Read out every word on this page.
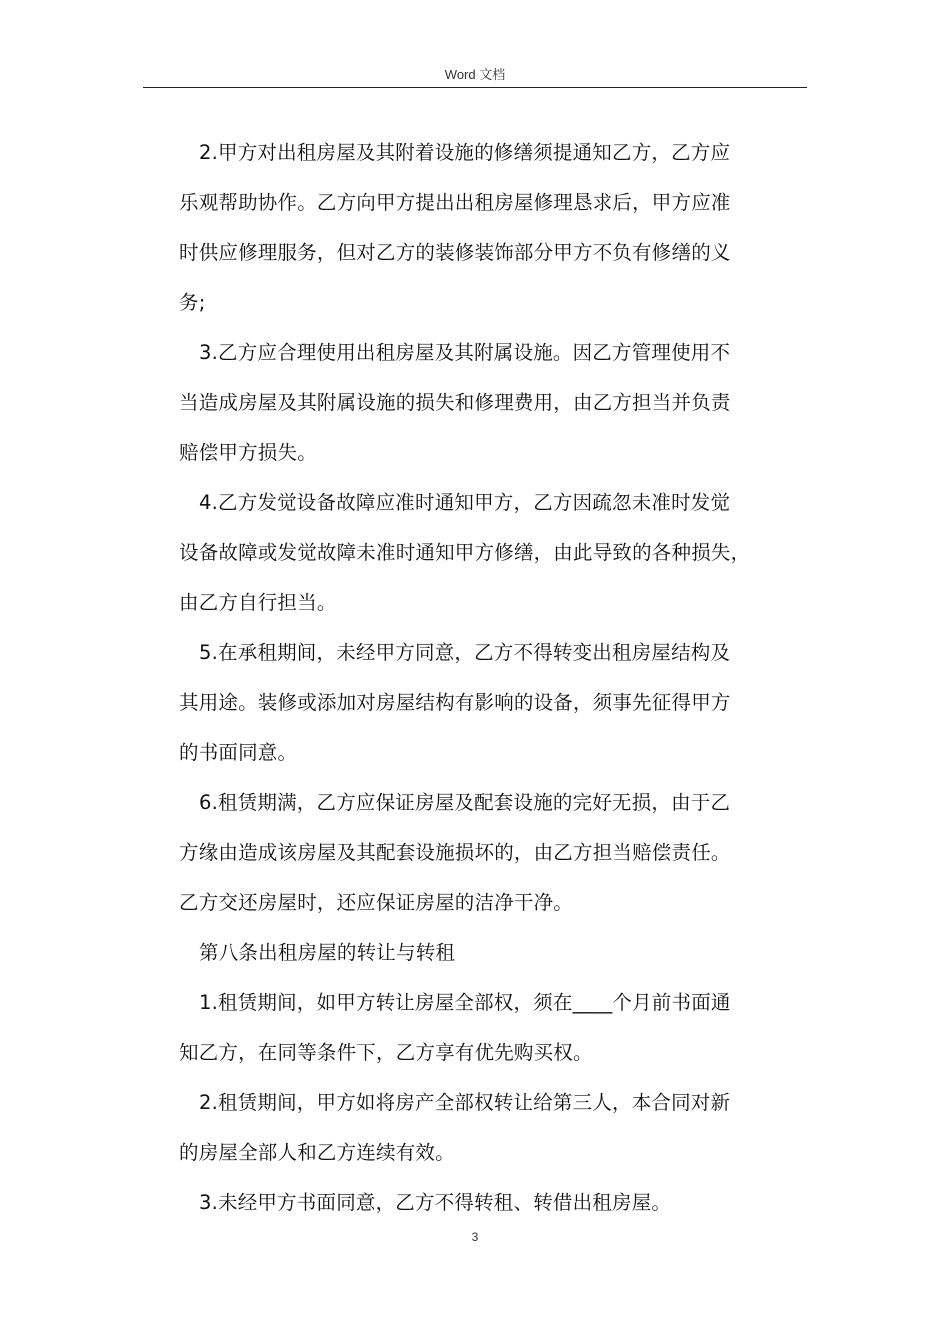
Word 文档
2.甲方对出租房屋及其附着设施的修缮须提通知乙方，乙方应
乐观帮助协作。乙方向甲方提出出租房屋修理恳求后，甲方应准
时供应修理服务，但对乙方的装修装饰部分甲方不负有修缮的义
务;
3.乙方应合理使用出租房屋及其附属设施。因乙方管理使用不
当造成房屋及其附属设施的损失和修理费用，由乙方担当并负责
赔偿甲方损失。
4.乙方发觉设备故障应准时通知甲方，乙方因疏忽未准时发觉
设备故障或发觉故障未准时通知甲方修缮，由此导致的各种损失，
由乙方自行担当。
5.在承租期间，未经甲方同意，乙方不得转变出租房屋结构及
其用途。装修或添加对房屋结构有影响的设备，须事先征得甲方
的书面同意。
6.租赁期满，乙方应保证房屋及配套设施的完好无损，由于乙
方缘由造成该房屋及其配套设施损坏的，由乙方担当赔偿责任。
乙方交还房屋时，还应保证房屋的洁净干净。
第八条出租房屋的转让与转租
1.租赁期间，如甲方转让房屋全部权，须在____个月前书面通
知乙方，在同等条件下，乙方享有优先购买权。
2.租赁期间，甲方如将房产全部权转让给第三人，本合同对新
的房屋全部人和乙方连续有效。
3.未经甲方书面同意，乙方不得转租、转借出租房屋。
3
